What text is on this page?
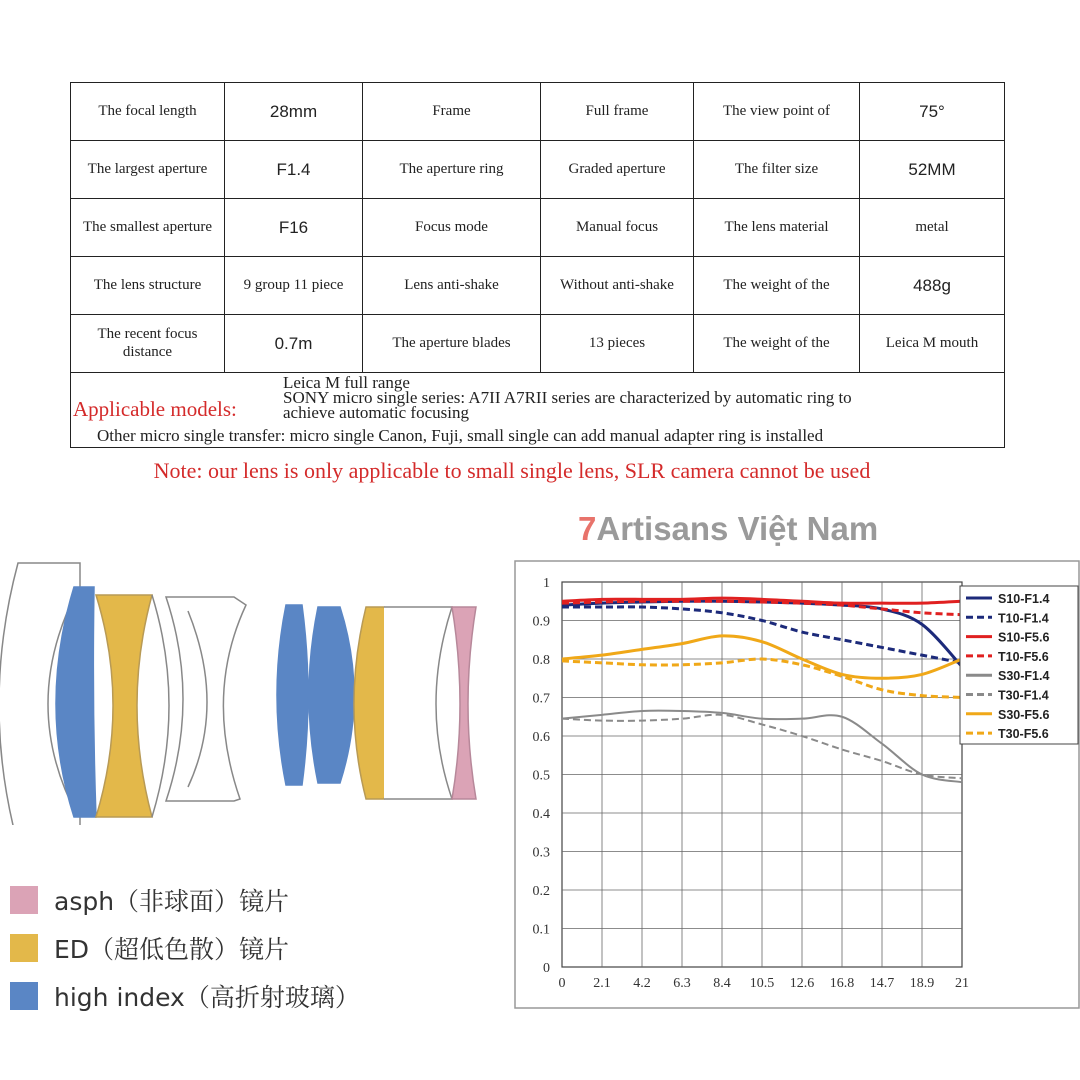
The focal length	28mm	Frame	Full frame	The view point of	75°
The largest aperture	F1.4	The aperture ring	Graded aperture	The filter size	52MM
The smallest aperture	F16	Focus mode	Manual focus	The lens material	metal
The lens structure	9 group 11 piece	Lens anti-shake	Without anti-shake	The weight of the	488g
The recent focus distance	0.7m	The aperture blades	13 pieces	The weight of the	Leica M mouth

Applicable models:
Leica M full range
SONY micro single series: A7II A7RII series are characterized by automatic ring to
achieve automatic focusing
Other micro single transfer: micro single Canon, Fuji, small single can add manual adapter ring is installed					
Note: our lens is only applicable to small single lens, SLR camera cannot be used
7Artisans Việt Nam
asph（非球面）镜片
ED（超低色散）镜片
high index（高折射玻璃）
0
0.1
0.2
0.3
0.4
0.5
0.6
0.7
0.8
0.9
1
0 2.1 4.2 6.3 8.4 10.5 12.6 16.8 14.7 18.9 21
S10-F1.4
T10-F1.4
S10-F5.6
T10-F5.6
S30-F1.4
T30-F1.4
S30-F5.6
T30-F5.6
